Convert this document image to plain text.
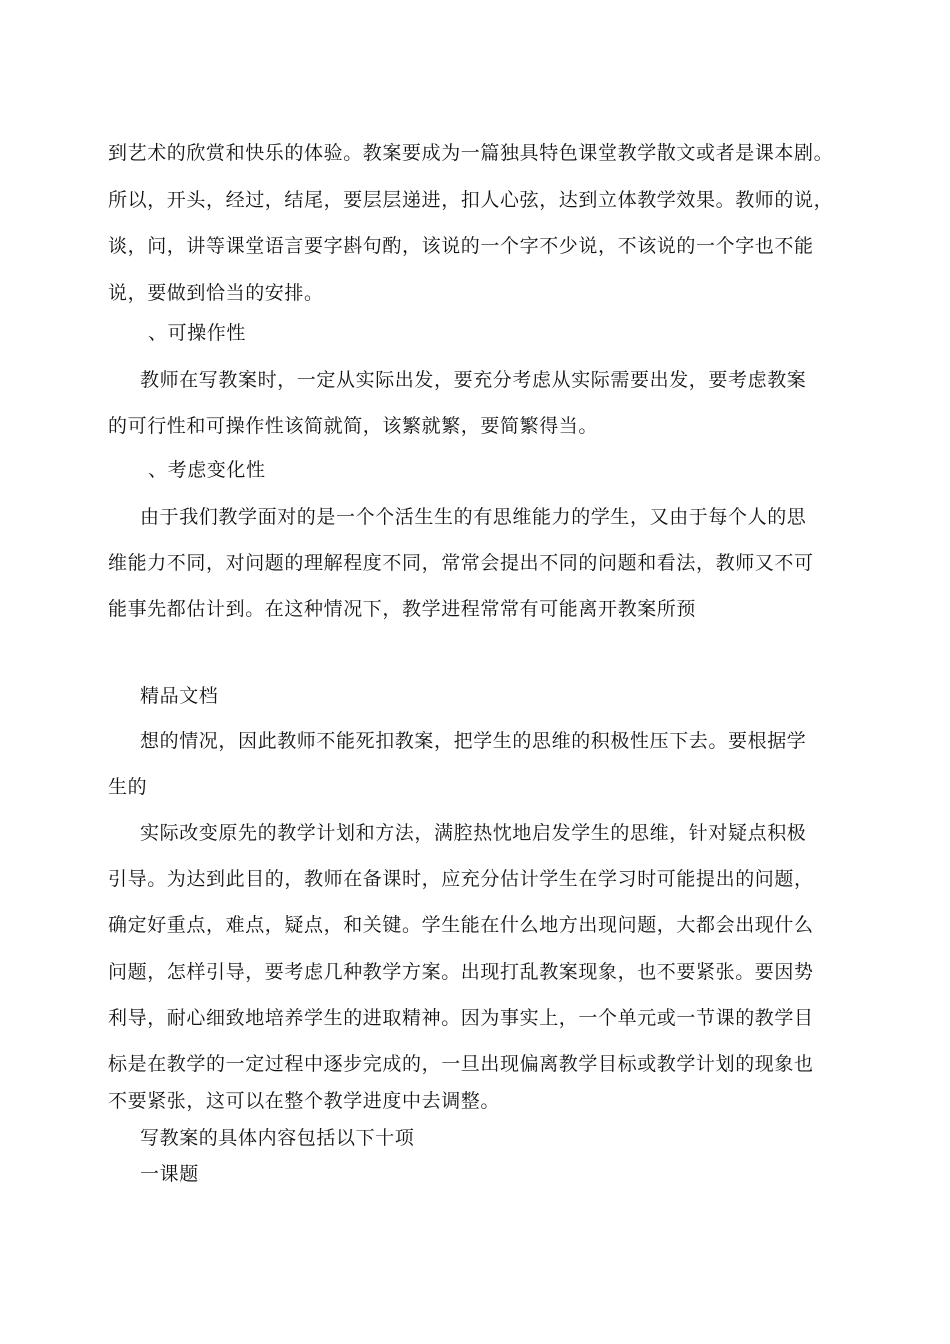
到艺术的欣赏和快乐的体验。教案要成为一篇独具特色课堂教学散文或者是课本剧。
所以，开头，经过，结尾，要层层递进，扣人心弦，达到立体教学效果。教师的说，
谈，问，讲等课堂语言要字斟句酌，该说的一个字不少说，不该说的一个字也不能
说，要做到恰当的安排。
、可操作性
教师在写教案时，一定从实际出发，要充分考虑从实际需要出发，要考虑教案
的可行性和可操作性该简就简，该繁就繁，要简繁得当。
、考虑变化性
由于我们教学面对的是一个个活生生的有思维能力的学生，又由于每个人的思
维能力不同，对问题的理解程度不同，常常会提出不同的问题和看法，教师又不可
能事先都估计到。在这种情况下，教学进程常常有可能离开教案所预
精品文档
想的情况，因此教师不能死扣教案，把学生的思维的积极性压下去。要根据学
生的
实际改变原先的教学计划和方法，满腔热忱地启发学生的思维，针对疑点积极
引导。为达到此目的，教师在备课时，应充分估计学生在学习时可能提出的问题，
确定好重点，难点，疑点，和关键。学生能在什么地方出现问题，大都会出现什么
问题，怎样引导，要考虑几种教学方案。出现打乱教案现象，也不要紧张。要因势
利导，耐心细致地培养学生的进取精神。因为事实上，一个单元或一节课的教学目
标是在教学的一定过程中逐步完成的，一旦出现偏离教学目标或教学计划的现象也
不要紧张，这可以在整个教学进度中去调整。
写教案的具体内容包括以下十项
一课题
